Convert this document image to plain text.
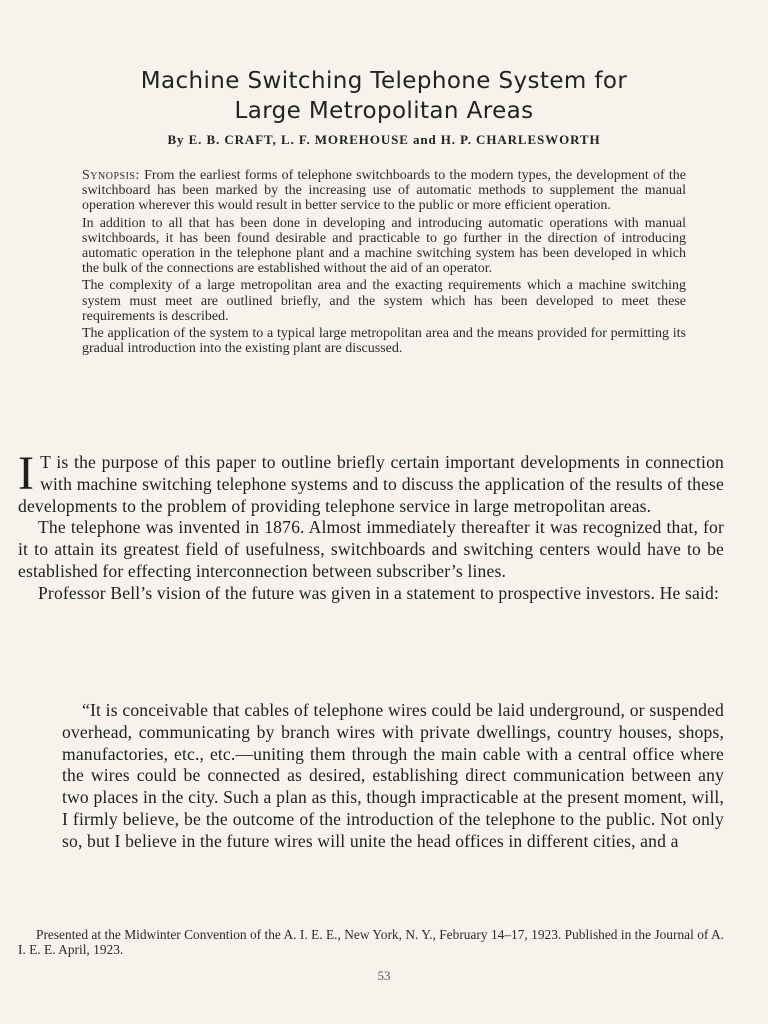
Machine Switching Telephone System for
Large Metropolitan Areas
By E. B. CRAFT, L. F. MOREHOUSE and H. P. CHARLESWORTH

Synopsis: From the earliest forms of telephone switchboards to the modern types, the development of the switchboard has been marked by the increasing use of automatic methods to supplement the manual operation wherever this would result in better service to the public or more efficient operation.

In addition to all that has been done in developing and introducing automatic operations with manual switchboards, it has been found desirable and practicable to go further in the direction of introducing automatic operation in the telephone plant and a machine switching system has been developed in which the bulk of the connections are established without the aid of an operator.

The complexity of a large metropolitan area and the exacting requirements which a machine switching system must meet are outlined briefly, and the system which has been developed to meet these requirements is described.

The application of the system to a typical large metropolitan area and the means provided for permitting its gradual introduction into the existing plant are discussed.

I T is the purpose of this paper to outline briefly certain important developments in connection with machine switching telephone systems and to discuss the application of the results of these developments to the problem of providing telephone service in large metropolitan areas.

The telephone was invented in 1876. Almost immediately thereafter it was recognized that, for it to attain its greatest field of usefulness, switchboards and switching centers would have to be established for effecting interconnection between subscriber’s lines.

Professor Bell’s vision of the future was given in a statement to prospective investors. He said:

“It is conceivable that cables of telephone wires could be laid underground, or suspended overhead, communicating by branch wires with private dwellings, country houses, shops, manufactories, etc., etc.—uniting them through the main cable with a central office where the wires could be connected as desired, establishing direct communication between any two places in the city. Such a plan as this, though impracticable at the present moment, will, I firmly believe, be the outcome of the introduction of the telephone to the public. Not only so, but I believe in the future wires will unite the head offices in different cities, and a

Presented at the Midwinter Convention of the A. I. E. E., New York, N. Y., February 14–17, 1923. Published in the Journal of A. I. E. E. April, 1923.

53
